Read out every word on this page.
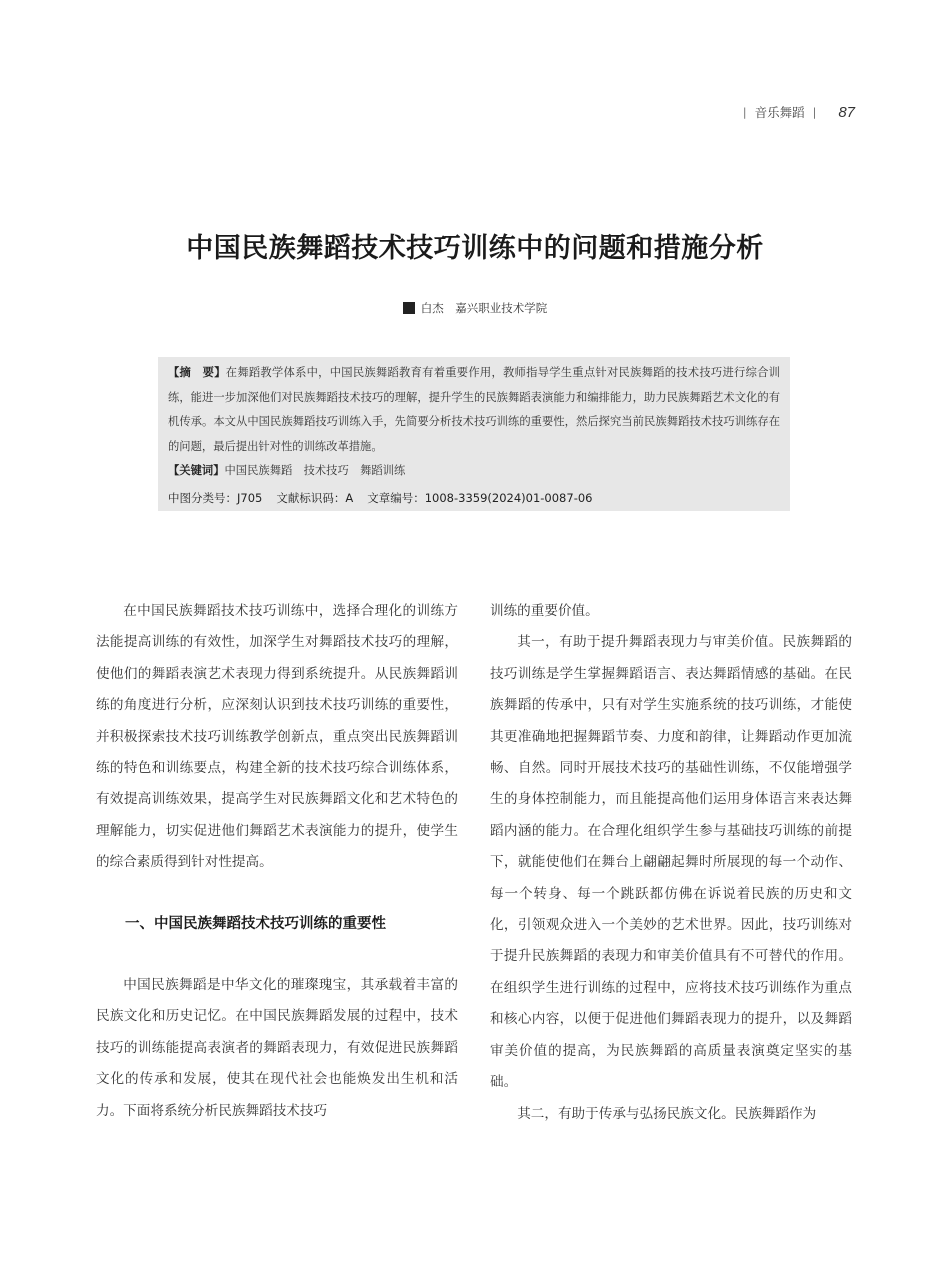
| 音乐舞蹈 | 87
中国民族舞蹈技术技巧训练中的问题和措施分析
白杰　嘉兴职业技术学院

【摘　要】在舞蹈教学体系中，中国民族舞蹈教育有着重要作用，教师指导学生重点针对民族舞蹈的技术技巧进行综合训练，能进一步加深他们对民族舞蹈技术技巧的理解，提升学生的民族舞蹈表演能力和编排能力，助力民族舞蹈艺术文化的有机传承。本文从中国民族舞蹈技巧训练入手，先简要分析技术技巧训练的重要性，然后探究当前民族舞蹈技术技巧训练存在的问题，最后提出针对性的训练改革措施。

【关键词】中国民族舞蹈　技术技巧　舞蹈训练

中图分类号：J705 文献标识码：A 文章编号：1008-3359(2024)01-0087-06

在中国民族舞蹈技术技巧训练中，选择合理化的训练方法能提高训练的有效性，加深学生对舞蹈技术技巧的理解，使他们的舞蹈表演艺术表现力得到系统提升。从民族舞蹈训练的角度进行分析，应深刻认识到技术技巧训练的重要性，并积极探索技术技巧训练教学创新点，重点突出民族舞蹈训练的特色和训练要点，构建全新的技术技巧综合训练体系，有效提高训练效果，提高学生对民族舞蹈文化和艺术特色的理解能力，切实促进他们舞蹈艺术表演能力的提升，使学生的综合素质得到针对性提高。

一、中国民族舞蹈技术技巧训练的重要性

中国民族舞蹈是中华文化的璀璨瑰宝，其承载着丰富的民族文化和历史记忆。在中国民族舞蹈发展的过程中，技术技巧的训练能提高表演者的舞蹈表现力，有效促进民族舞蹈文化的传承和发展，使其在现代社会也能焕发出生机和活力。下面将系统分析民族舞蹈技术技巧

训练的重要价值。

其一，有助于提升舞蹈表现力与审美价值。民族舞蹈的技巧训练是学生掌握舞蹈语言、表达舞蹈情感的基础。在民族舞蹈的传承中，只有对学生实施系统的技巧训练，才能使其更准确地把握舞蹈节奏、力度和韵律，让舞蹈动作更加流畅、自然。同时开展技术技巧的基础性训练，不仅能增强学生的身体控制能力，而且能提高他们运用身体语言来表达舞蹈内涵的能力。在合理化组织学生参与基础技巧训练的前提下，就能使他们在舞台上翩翩起舞时所展现的每一个动作、每一个转身、每一个跳跃都仿佛在诉说着民族的历史和文化，引领观众进入一个美妙的艺术世界。因此，技巧训练对于提升民族舞蹈的表现力和审美价值具有不可替代的作用。在组织学生进行训练的过程中，应将技术技巧训练作为重点和核心内容，以便于促进他们舞蹈表现力的提升，以及舞蹈审美价值的提高，为民族舞蹈的高质量表演奠定坚实的基础。

其二，有助于传承与弘扬民族文化。民族舞蹈作为
